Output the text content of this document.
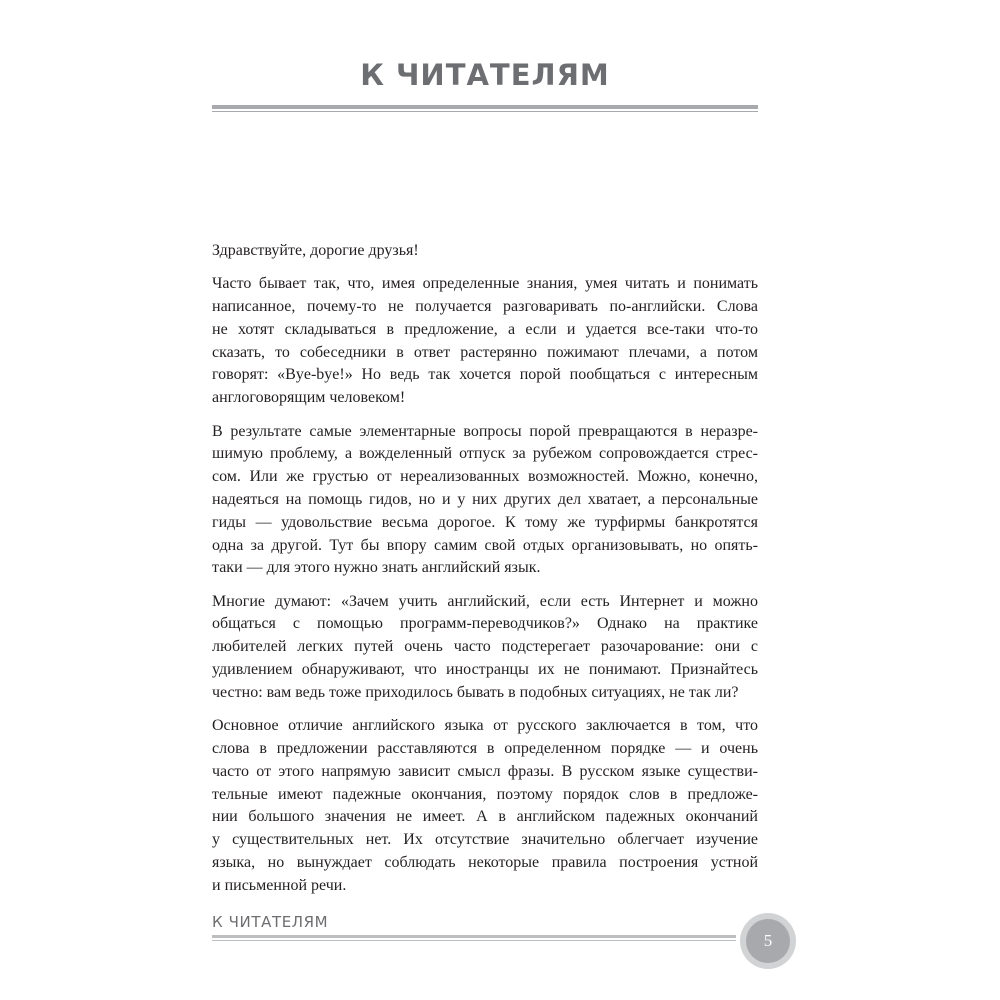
К ЧИТАТЕЛЯМ

Здравствуйте, дорогие друзья!

Часто бывает так, что, имея определенные знания, умея читать и понимать
написанное, почему-то не получается разговаривать по-английски. Слова
не хотят складываться в предложение, а если и удается все-таки что-то
сказать, то собеседники в ответ растерянно пожимают плечами, а потом
говорят: «Bye-bye!» Но ведь так хочется порой пообщаться с интересным
англоговорящим человеком!

В результате самые элементарные вопросы порой превращаются в неразре-
шимую проблему, а вожделенный отпуск за рубежом сопровождается стрес-
сом. Или же грустью от нереализованных возможностей. Можно, конечно,
надеяться на помощь гидов, но и у них других дел хватает, а персональные
гиды — удовольствие весьма дорогое. К тому же турфирмы банкротятся
одна за другой. Тут бы впору самим свой отдых организовывать, но опять-
таки — для этого нужно знать английский язык.

Многие думают: «Зачем учить английский, если есть Интернет и можно
общаться с помощью программ-переводчиков?» Однако на практике
любителей легких путей очень часто подстерегает разочарование: они с
удивлением обнаруживают, что иностранцы их не понимают. Признайтесь
честно: вам ведь тоже приходилось бывать в подобных ситуациях, не так ли?

Основное отличие английского языка от русского заключается в том, что
слова в предложении расставляются в определенном порядке — и очень
часто от этого напрямую зависит смысл фразы. В русском языке существи-
тельные имеют падежные окончания, поэтому порядок слов в предложе-
нии большого значения не имеет. А в английском падежных окончаний
у существительных нет. Их отсутствие значительно облегчает изучение
языка, но вынуждает соблюдать некоторые правила построения устной
и письменной речи.

К ЧИТАТЕЛЯМ
5
